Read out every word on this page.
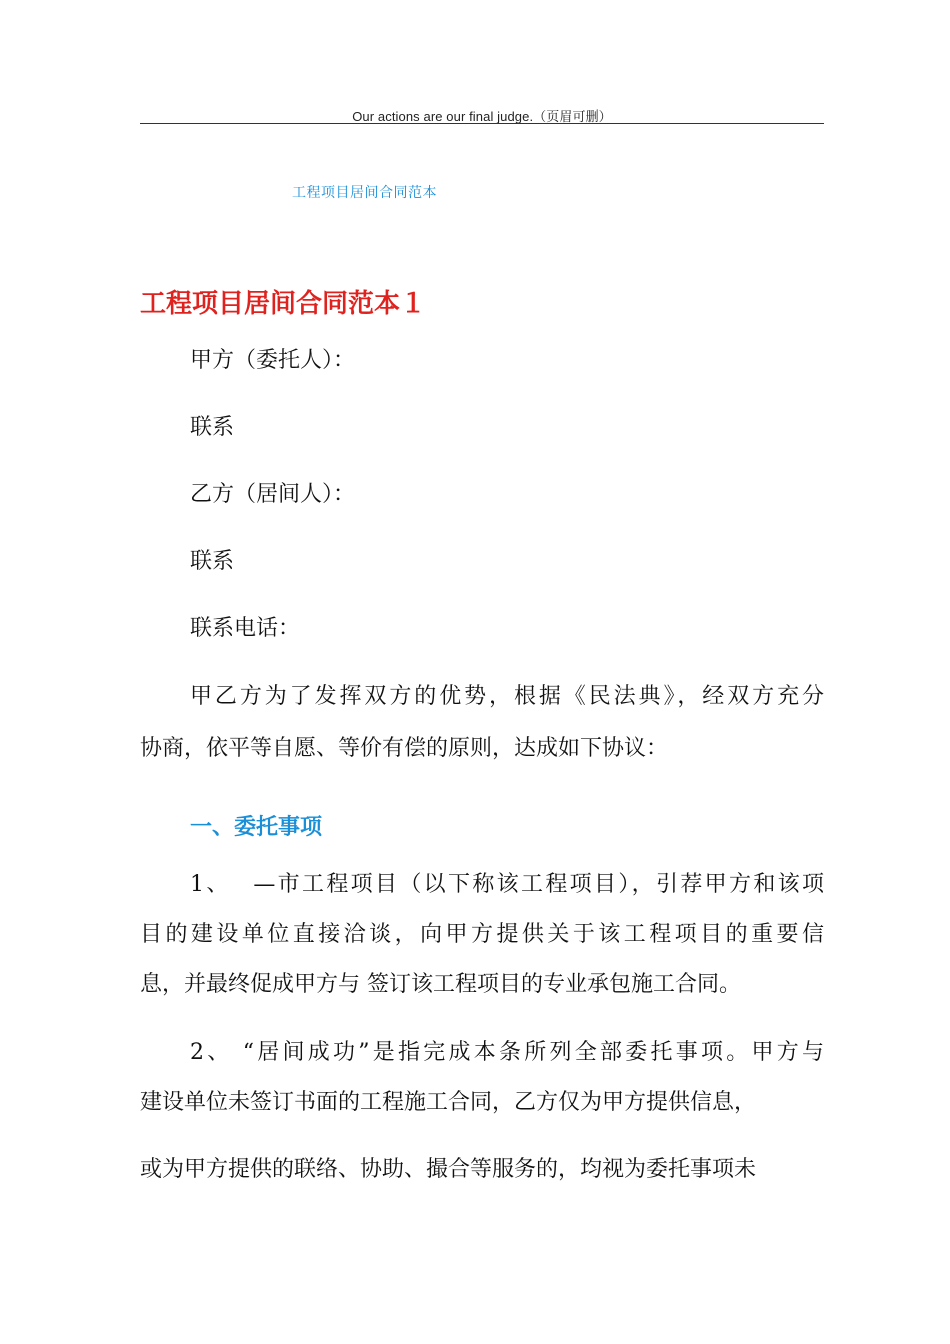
Our actions are our final judge.（页眉可删）
工程项目居间合同范本
工程项目居间合同范本１
甲方（委托人）：
联系
乙方（居间人）：
联系
联系电话：
甲乙方为了发挥双方的优势，根据《民法典》，经双方充分
协商，依平等自愿、等价有偿的原则，达成如下协议：
一、委托事项
1、　 —市工程项目（以下称该工程项目），引荐甲方和该项
目的建设单位直接洽谈，向甲方提供关于该工程项目的重要信
息，并最终促成甲方与 签订该工程项目的专业承包施工合同。
2、 “居间成功”是指完成本条所列全部委托事项。甲方与
建设单位未签订书面的工程施工合同，乙方仅为甲方提供信息，
或为甲方提供的联络、协助、撮合等服务的，均视为委托事项未
